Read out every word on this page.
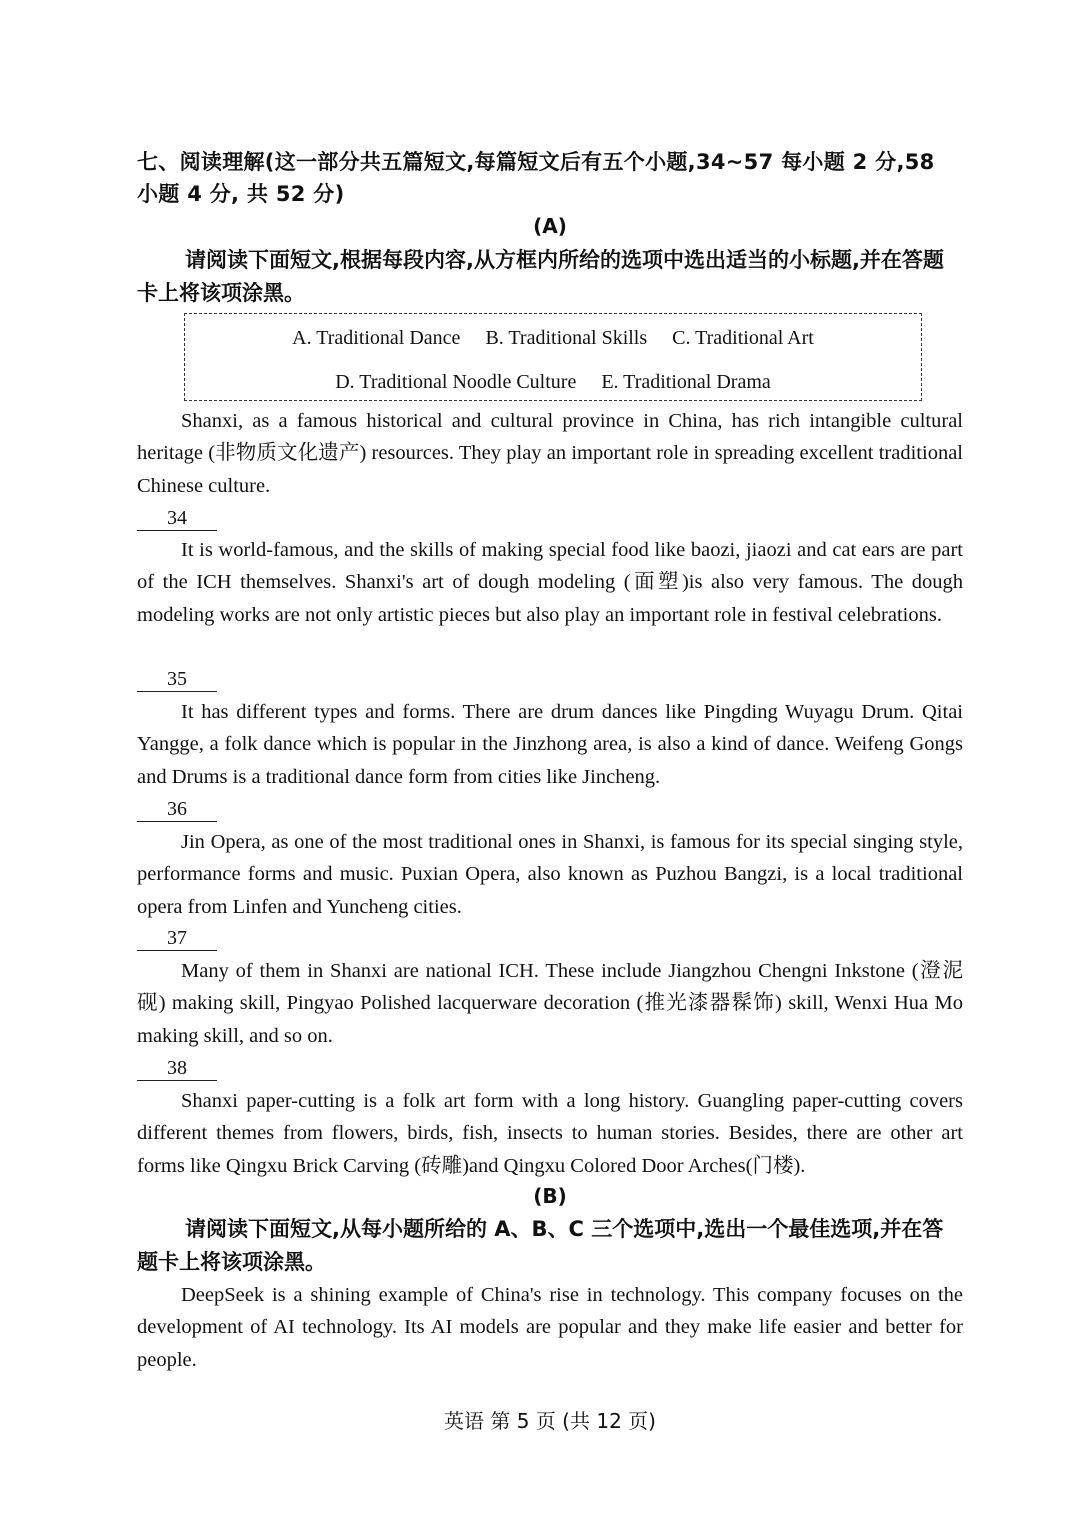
七、阅读理解(这一部分共五篇短文,每篇短文后有五个小题,34~57 每小题 2 分,58 小题 4 分, 共 52 分)
(A)
请阅读下面短文,根据每段内容,从方框内所给的选项中选出适当的小标题,并在答题卡上将该项涂黑。
A. Traditional Dance B. Traditional Skills C. Traditional Art
D. Traditional Noodle Culture E. Traditional Drama
Shanxi, as a famous historical and cultural province in China, has rich intangible cultural heritage (非物质文化遗产) resources. They play an important role in spreading excellent traditional Chinese culture.
34
It is world-famous, and the skills of making special food like baozi, jiaozi and cat ears are part of the ICH themselves. Shanxi's art of dough modeling (面塑)is also very famous. The dough modeling works are not only artistic pieces but also play an important role in festival celebrations.
35
It has different types and forms. There are drum dances like Pingding Wuyagu Drum. Qitai Yangge, a folk dance which is popular in the Jinzhong area, is also a kind of dance. Weifeng Gongs and Drums is a traditional dance form from cities like Jincheng.
36
Jin Opera, as one of the most traditional ones in Shanxi, is famous for its special singing style, performance forms and music. Puxian Opera, also known as Puzhou Bangzi, is a local traditional opera from Linfen and Yuncheng cities.
37
Many of them in Shanxi are national ICH. These include Jiangzhou Chengni Inkstone (澄泥砚) making skill, Pingyao Polished lacquerware decoration (推光漆器髹饰) skill, Wenxi Hua Mo making skill, and so on.
38
Shanxi paper-cutting is a folk art form with a long history. Guangling paper-cutting covers different themes from flowers, birds, fish, insects to human stories. Besides, there are other art forms like Qingxu Brick Carving (砖雕)and Qingxu Colored Door Arches(门楼).
(B)
请阅读下面短文,从每小题所给的 A、B、C 三个选项中,选出一个最佳选项,并在答题卡上将该项涂黑。
DeepSeek is a shining example of China's rise in technology. This company focuses on the development of AI technology. Its AI models are popular and they make life easier and better for people.
英语 第 5 页 (共 12 页)
